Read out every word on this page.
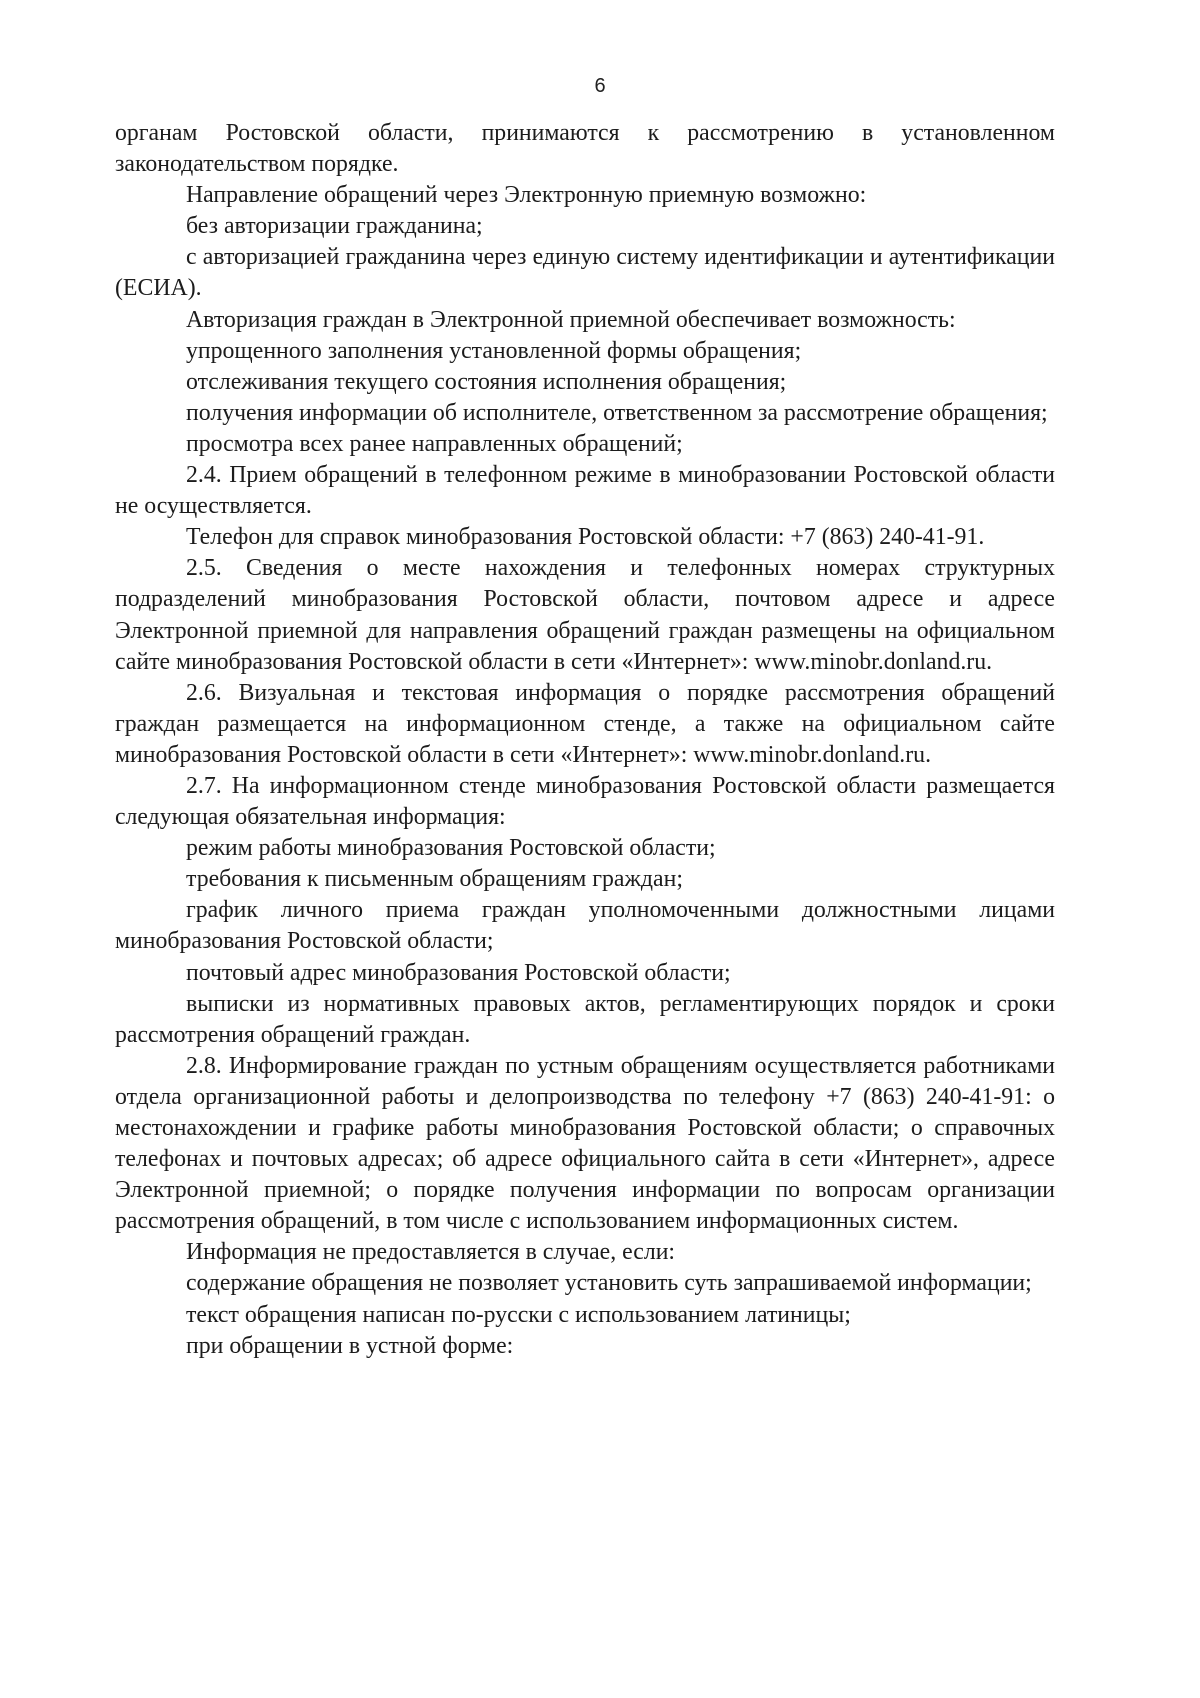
6

органам Ростовской области, принимаются к рассмотрению в установленном законодательством порядке.

Направление обращений через Электронную приемную возможно:

без авторизации гражданина;

с авторизацией гражданина через единую систему идентификации и аутентификации (ЕСИА).

Авторизация граждан в Электронной приемной обеспечивает возможность:

упрощенного заполнения установленной формы обращения;

отслеживания текущего состояния исполнения обращения;

получения информации об исполнителе, ответственном за рассмотрение обращения;

просмотра всех ранее направленных обращений;

2.4. Прием обращений в телефонном режиме в минобразовании Ростовской области не осуществляется.

Телефон для справок минобразования Ростовской области: +7 (863) 240-41-91.

2.5. Сведения о месте нахождения и телефонных номерах структурных подразделений минобразования Ростовской области, почтовом адресе и адресе Электронной приемной для направления обращений граждан размещены на официальном сайте минобразования Ростовской области в сети «Интернет»: www.minobr.donland.ru.

2.6. Визуальная и текстовая информация о порядке рассмотрения обращений граждан размещается на информационном стенде, а также на официальном сайте минобразования Ростовской области в сети «Интернет»: www.minobr.donland.ru.

2.7. На информационном стенде минобразования Ростовской области размещается следующая обязательная информация:

режим работы минобразования Ростовской области;

требования к письменным обращениям граждан;

график личного приема граждан уполномоченными должностными лицами минобразования Ростовской области;

почтовый адрес минобразования Ростовской области;

выписки из нормативных правовых актов, регламентирующих порядок и сроки рассмотрения обращений граждан.

2.8. Информирование граждан по устным обращениям осуществляется работниками отдела организационной работы и делопроизводства по телефону +7 (863) 240-41-91: о местонахождении и графике работы минобразования Ростовской области; о справочных телефонах и почтовых адресах; об адресе официального сайта в сети «Интернет», адресе Электронной приемной; о порядке получения информации по вопросам организации рассмотрения обращений, в том числе с использованием информационных систем.

Информация не предоставляется в случае, если:

содержание обращения не позволяет установить суть запрашиваемой информации;

текст обращения написан по-русски с использованием латиницы;

при обращении в устной форме:
